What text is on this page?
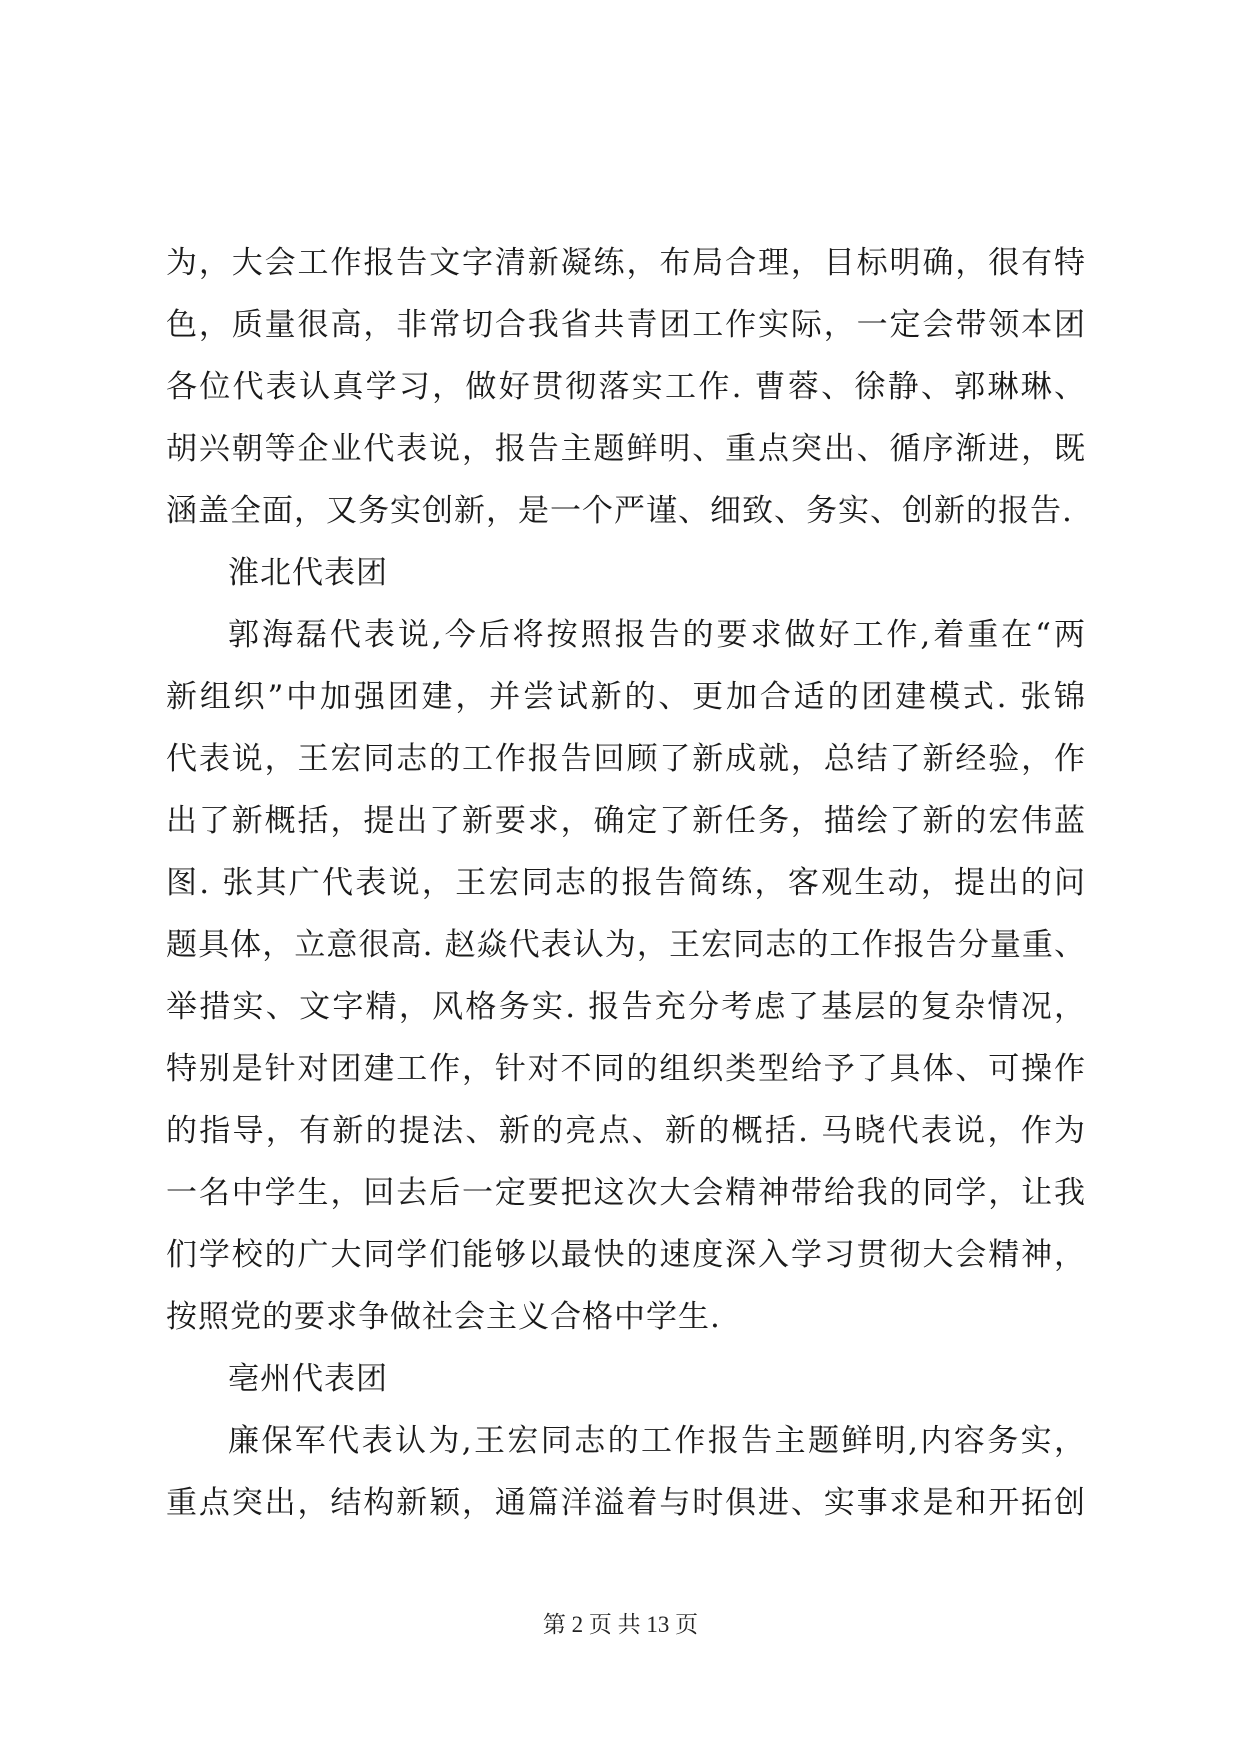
为，大会工作报告文字清新凝练，布局合理，目标明确，很有特
色，质量很高，非常切合我省共青团工作实际，一定会带领本团
各位代表认真学习，做好贯彻落实工作. 曹蓉、徐静、郭琳琳、
胡兴朝等企业代表说，报告主题鲜明、重点突出、循序渐进，既
涵盖全面，又务实创新，是一个严谨、细致、务实、创新的报告.
淮北代表团
郭海磊代表说,今后将按照报告的要求做好工作,着重在“两
新组织”中加强团建，并尝试新的、更加合适的团建模式. 张锦
代表说，王宏同志的工作报告回顾了新成就，总结了新经验，作
出了新概括，提出了新要求，确定了新任务，描绘了新的宏伟蓝
图. 张其广代表说，王宏同志的报告简练，客观生动，提出的问
题具体，立意很高. 赵焱代表认为，王宏同志的工作报告分量重、
举措实、文字精，风格务实. 报告充分考虑了基层的复杂情况，
特别是针对团建工作，针对不同的组织类型给予了具体、可操作
的指导，有新的提法、新的亮点、新的概括. 马晓代表说，作为
一名中学生，回去后一定要把这次大会精神带给我的同学，让我
们学校的广大同学们能够以最快的速度深入学习贯彻大会精神，
按照党的要求争做社会主义合格中学生.
亳州代表团
廉保军代表认为,王宏同志的工作报告主题鲜明,内容务实，
重点突出，结构新颖，通篇洋溢着与时俱进、实事求是和开拓创
第 2 页 共 13 页
